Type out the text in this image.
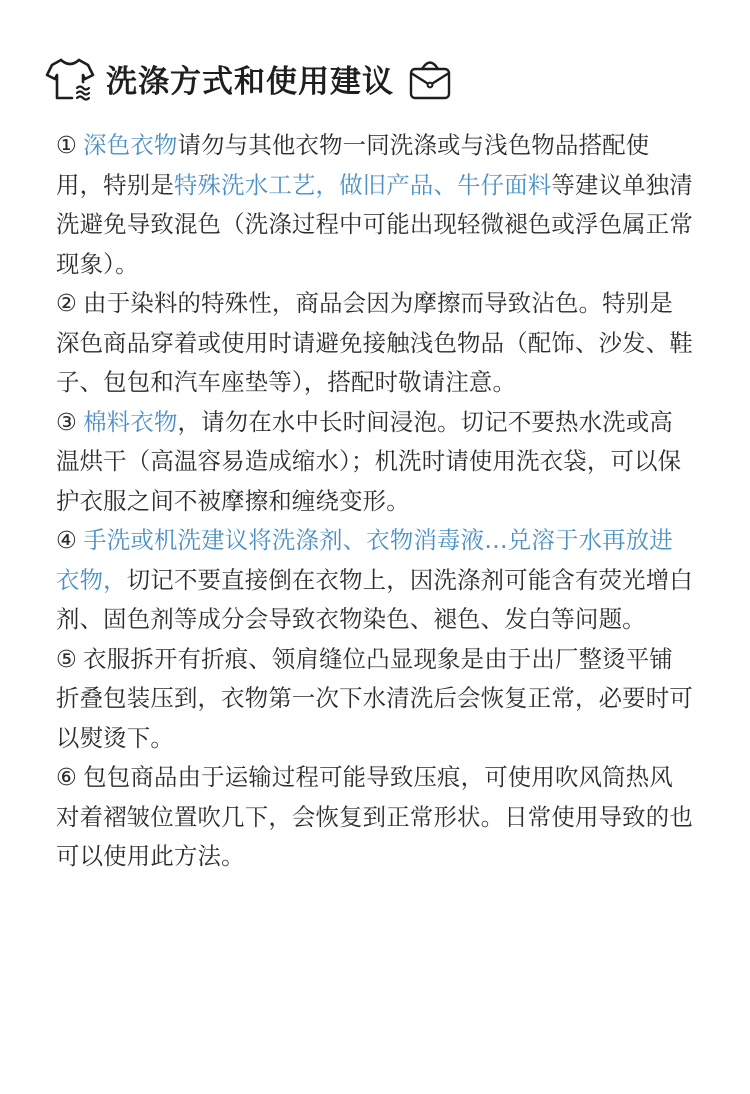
洗涤方式和使用建议

① 深色衣物请勿与其他衣物一同洗涤或与浅色物品搭配使用，特别是特殊洗水工艺，做旧产品、牛仔面料等建议单独清洗避免导致混色（洗涤过程中可能出现轻微褪色或浮色属正常现象）。

② 由于染料的特殊性，商品会因为摩擦而导致沾色。特别是深色商品穿着或使用时请避免接触浅色物品（配饰、沙发、鞋子、包包和汽车座垫等），搭配时敬请注意。

③ 棉料衣物，请勿在水中长时间浸泡。切记不要热水洗或高温烘干（高温容易造成缩水）；机洗时请使用洗衣袋，可以保护衣服之间不被摩擦和缠绕变形。

④ 手洗或机洗建议将洗涤剂、衣物消毒液…兑溶于水再放进衣物，切记不要直接倒在衣物上，因洗涤剂可能含有荧光增白剂、固色剂等成分会导致衣物染色、褪色、发白等问题。

⑤ 衣服拆开有折痕、领肩缝位凸显现象是由于出厂整烫平铺折叠包装压到，衣物第一次下水清洗后会恢复正常，必要时可以熨烫下。

⑥ 包包商品由于运输过程可能导致压痕，可使用吹风筒热风对着褶皱位置吹几下，会恢复到正常形状。日常使用导致的也可以使用此方法。
